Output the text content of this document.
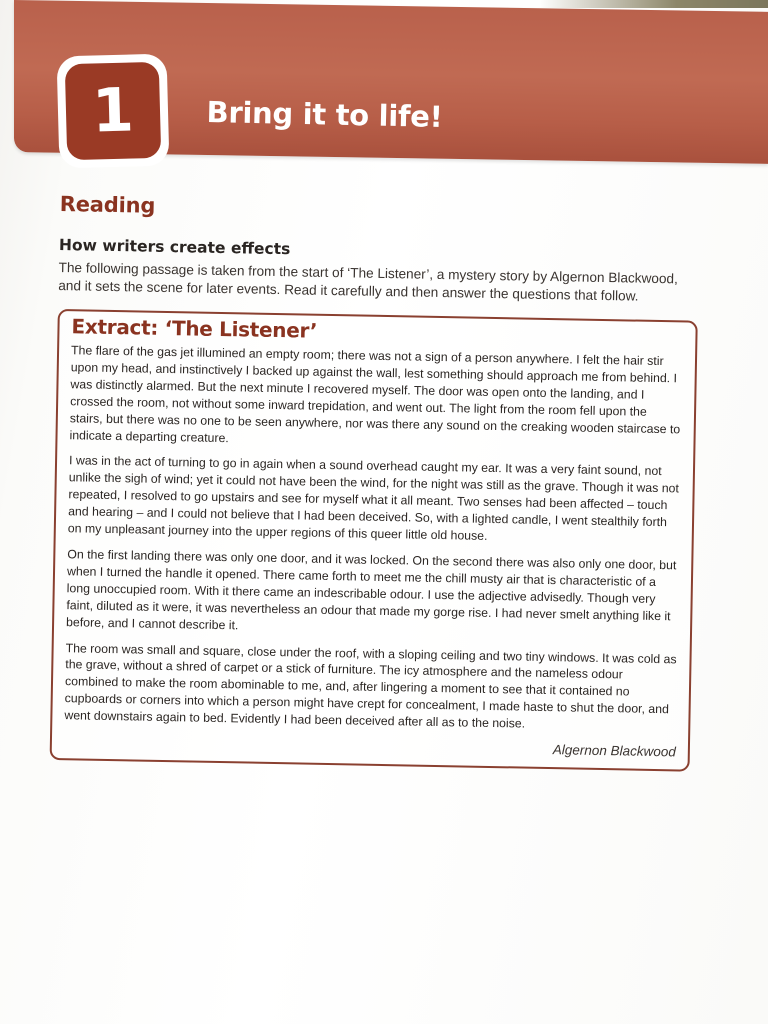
1	Bring it to life!
Reading
How writers create effects

The following passage is taken from the start of ‘The Listener’, a mystery story by Algernon Blackwood, and it sets the scene for later events. Read it carefully and then answer the questions that follow.

Extract: ‘The Listener’

The flare of the gas jet illumined an empty room; there was not a sign of a person anywhere. I felt the hair stir upon my head, and instinctively I backed up against the wall, lest something should approach me from behind. I was distinctly alarmed. But the next minute I recovered myself. The door was open onto the landing, and I crossed the room, not without some inward trepidation, and went out. The light from the room fell upon the stairs, but there was no one to be seen anywhere, nor was there any sound on the creaking wooden staircase to indicate a departing creature.

I was in the act of turning to go in again when a sound overhead caught my ear. It was a very faint sound, not unlike the sigh of wind; yet it could not have been the wind, for the night was still as the grave. Though it was not repeated, I resolved to go upstairs and see for myself what it all meant. Two senses had been affected – touch and hearing – and I could not believe that I had been deceived. So, with a lighted candle, I went stealthily forth on my unpleasant journey into the upper regions of this queer little old house.

On the first landing there was only one door, and it was locked. On the second there was also only one door, but when I turned the handle it opened. There came forth to meet me the chill musty air that is characteristic of a long unoccupied room. With it there came an indescribable odour. I use the adjective advisedly. Though very faint, diluted as it were, it was nevertheless an odour that made my gorge rise. I had never smelt anything like it before, and I cannot describe it.

The room was small and square, close under the roof, with a sloping ceiling and two tiny windows. It was cold as the grave, without a shred of carpet or a stick of furniture. The icy atmosphere and the nameless odour combined to make the room abominable to me, and, after lingering a moment to see that it contained no cupboards or corners into which a person might have crept for concealment, I made haste to shut the door, and went downstairs again to bed. Evidently I had been deceived after all as to the noise.

Algernon Blackwood
